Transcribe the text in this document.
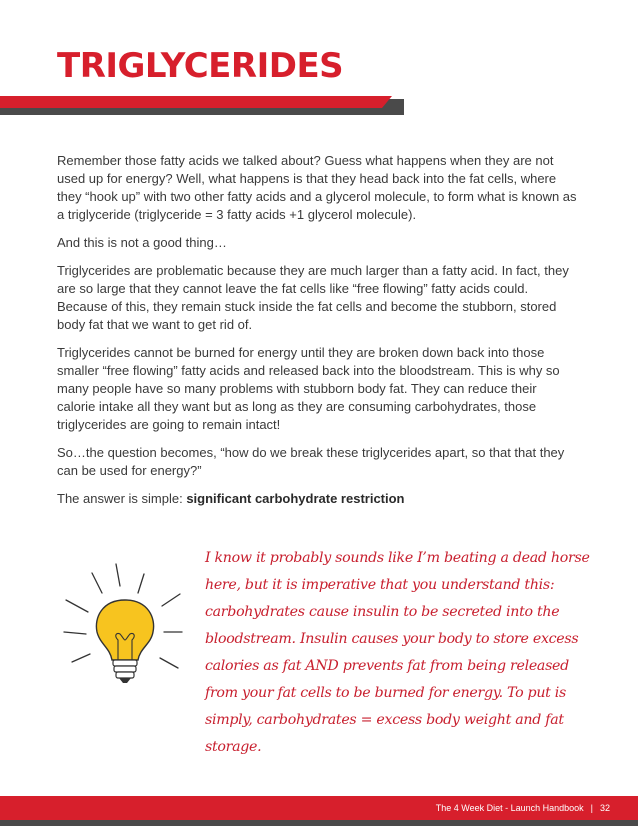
TRIGLYCERIDES

Remember those fatty acids we talked about? Guess what happens when they are not used up for energy? Well, what happens is that they head back into the fat cells, where they “hook up” with two other fatty acids and a glycerol molecule, to form what is known as a triglyceride (triglyceride = 3 fatty acids +1 glycerol molecule).

And this is not a good thing…

Triglycerides are problematic because they are much larger than a fatty acid. In fact, they are so large that they cannot leave the fat cells like “free flowing” fatty acids could. Because of this, they remain stuck inside the fat cells and become the stubborn, stored body fat that we want to get rid of.

Triglycerides cannot be burned for energy until they are broken down back into those smaller “free flowing” fatty acids and released back into the bloodstream. This is why so many people have so many problems with stubborn body fat. They can reduce their calorie intake all they want but as long as they are consuming carbohydrates, those triglycerides are going to remain intact!

So…the question becomes, “how do we break these triglycerides apart, so that that they can be used for energy?”

The answer is simple: significant carbohydrate restriction

I know it probably sounds like I’m beating a dead horse here, but it is imperative that you understand this: carbohydrates cause insulin to be secreted into the bloodstream. Insulin causes your body to store excess calories as fat AND prevents fat from being released from your fat cells to be burned for energy. To put is simply, carbohydrates = excess body weight and fat storage.

The 4 Week Diet - Launch Handbook | 32
